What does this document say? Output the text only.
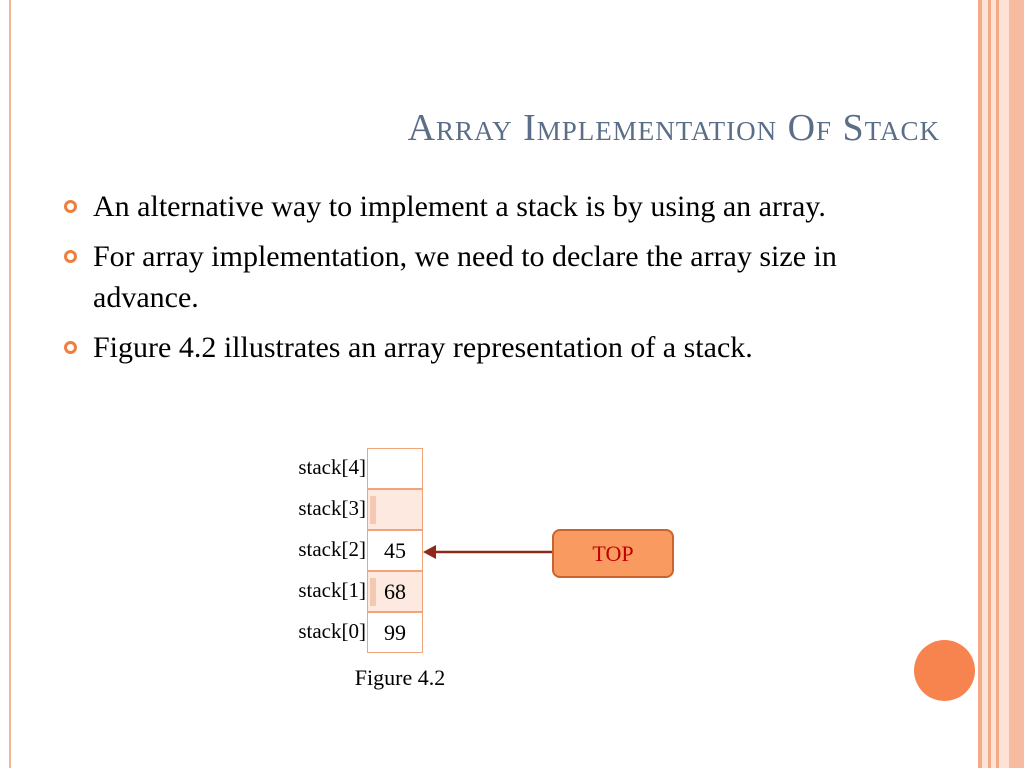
Array Implementation Of Stack
An alternative way to implement a stack is by using an array.
For array implementation, we need to declare the array size in advance.
Figure 4.2 illustrates an array representation of a stack.
stack[4]
stack[3]
stack[2]
stack[1]
stack[0]
45
68
99
TOP
Figure 4.2
